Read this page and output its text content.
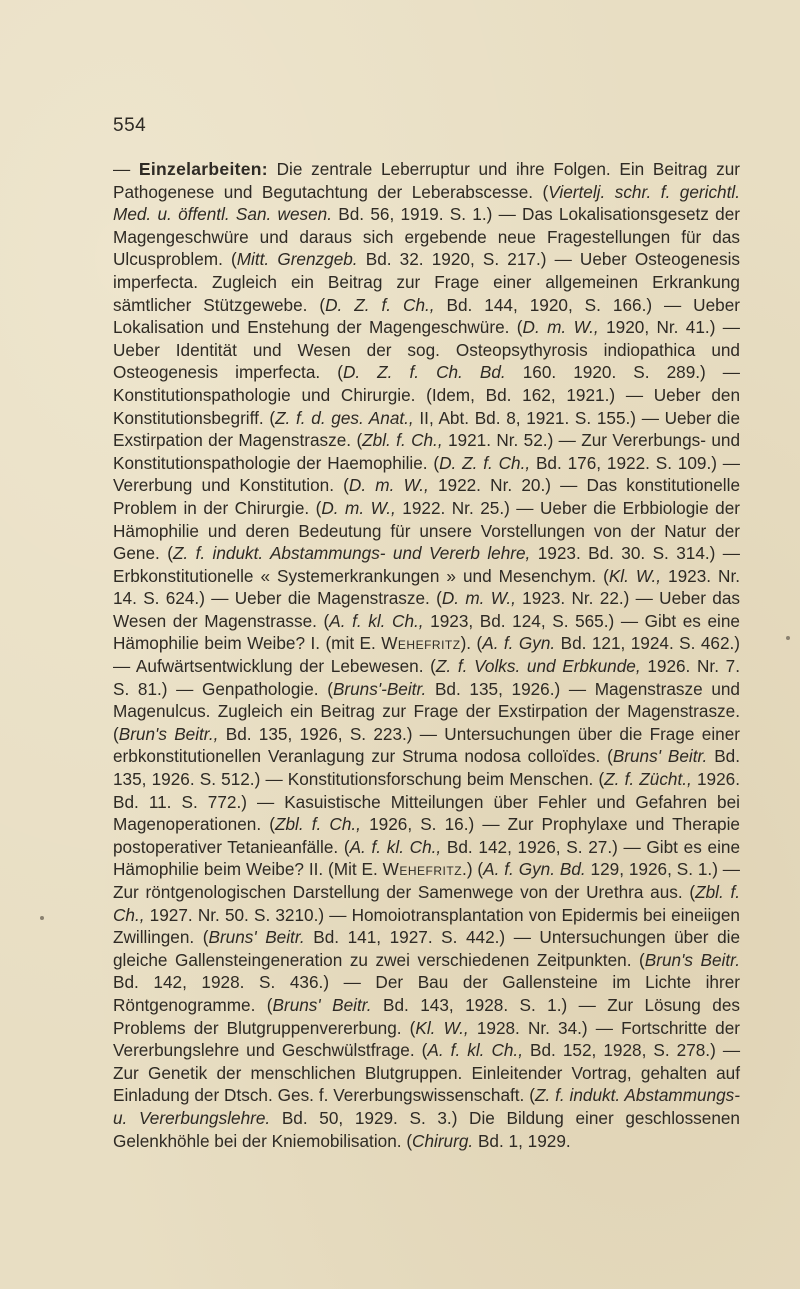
554
— Einzelarbeiten: Die zentrale Leberruptur und ihre Folgen. Ein Beitrag zur Pathogenese und Begutachtung der Leberabscesse. (Viertelj. schr. f. gerichtl. Med. u. öffentl. San. wesen. Bd. 56, 1919. S. 1.) — Das Lokalisationsgesetz der Magengeschwüre und daraus sich ergebende neue Fragestellungen für das Ulcusproblem. (Mitt. Grenzgeb. Bd. 32. 1920, S. 217.) — Ueber Osteogenesis imperfecta. Zugleich ein Beitrag zur Frage einer allgemeinen Erkrankung sämtlicher Stützgewebe. (D. Z. f. Ch., Bd. 144, 1920, S. 166.) — Ueber Lokalisation und Enstehung der Magengeschwüre. (D. m. W., 1920, Nr. 41.) — Ueber Identität und Wesen der sog. Osteopsythyrosis indiopathica und Osteogenesis imperfecta. (D. Z. f. Ch. Bd. 160. 1920. S. 289.) — Konstitutionspathologie und Chirurgie. (Idem, Bd. 162, 1921.) — Ueber den Konstitutionsbegriff. (Z. f. d. ges. Anat., II, Abt. Bd. 8, 1921. S. 155.) — Ueber die Exstirpation der Magenstrasze. (Zbl. f. Ch., 1921. Nr. 52.) — Zur Vererbungs- und Konstitutionspathologie der Haemophilie. (D. Z. f. Ch., Bd. 176, 1922. S. 109.) — Vererbung und Konstitution. (D. m. W., 1922. Nr. 20.) — Das konstitutionelle Problem in der Chirurgie. (D. m. W., 1922. Nr. 25.) — Ueber die Erbbiologie der Hämophilie und deren Bedeutung für unsere Vorstellungen von der Natur der Gene. (Z. f. indukt. Abstammungs- und Vererb lehre, 1923. Bd. 30. S. 314.) — Erbkonstitutionelle « Systemerkrankungen » und Mesenchym. (Kl. W., 1923. Nr. 14. S. 624.) — Ueber die Magenstrasze. (D. m. W., 1923. Nr. 22.) — Ueber das Wesen der Magenstrasse. (A. f. kl. Ch., 1923, Bd. 124, S. 565.) — Gibt es eine Hämophilie beim Weibe? I. (mit E. Wehefritz). (A. f. Gyn. Bd. 121, 1924. S. 462.) — Aufwärtsentwicklung der Lebewesen. (Z. f. Volks. und Erbkunde, 1926. Nr. 7. S. 81.) — Genpathologie. (Bruns'-Beitr. Bd. 135, 1926.) — Magenstrasze und Magenulcus. Zugleich ein Beitrag zur Frage der Exstirpation der Magenstrasze. (Brun's Beitr., Bd. 135, 1926, S. 223.) — Untersuchungen über die Frage einer erbkonstitutionellen Veranlagung zur Struma nodosa colloïdes. (Bruns' Beitr. Bd. 135, 1926. S. 512.) — Konstitutionsforschung beim Menschen. (Z. f. Zücht., 1926. Bd. 11. S. 772.) — Kasuistische Mitteilungen über Fehler und Gefahren bei Magenoperationen. (Zbl. f. Ch., 1926, S. 16.) — Zur Prophylaxe und Therapie postoperativer Tetanieanfälle. (A. f. kl. Ch., Bd. 142, 1926, S. 27.) — Gibt es eine Hämophilie beim Weibe? II. (Mit E. Wehefritz.) (A. f. Gyn. Bd. 129, 1926, S. 1.) — Zur röntgenologischen Darstellung der Samenwege von der Urethra aus. (Zbl. f. Ch., 1927. Nr. 50. S. 3210.) — Homoiotransplantation von Epidermis bei eineiigen Zwillingen. (Bruns' Beitr. Bd. 141, 1927. S. 442.) — Untersuchungen über die gleiche Gallensteingeneration zu zwei verschiedenen Zeitpunkten. (Brun's Beitr. Bd. 142, 1928. S. 436.) — Der Bau der Gallensteine im Lichte ihrer Röntgenogramme. (Bruns' Beitr. Bd. 143, 1928. S. 1.) — Zur Lösung des Problems der Blutgruppenvererbung. (Kl. W., 1928. Nr. 34.) — Fortschritte der Vererbungslehre und Geschwülstfrage. (A. f. kl. Ch., Bd. 152, 1928, S. 278.) — Zur Genetik der menschlichen Blutgruppen. Einleitender Vortrag, gehalten auf Einladung der Dtsch. Ges. f. Vererbungswissenschaft. (Z. f. indukt. Abstammungs-u. Vererbungslehre. Bd. 50, 1929. S. 3.) Die Bildung einer geschlossenen Gelenkhöhle bei der Kniemobilisation. (Chirurg. Bd. 1, 1929.
